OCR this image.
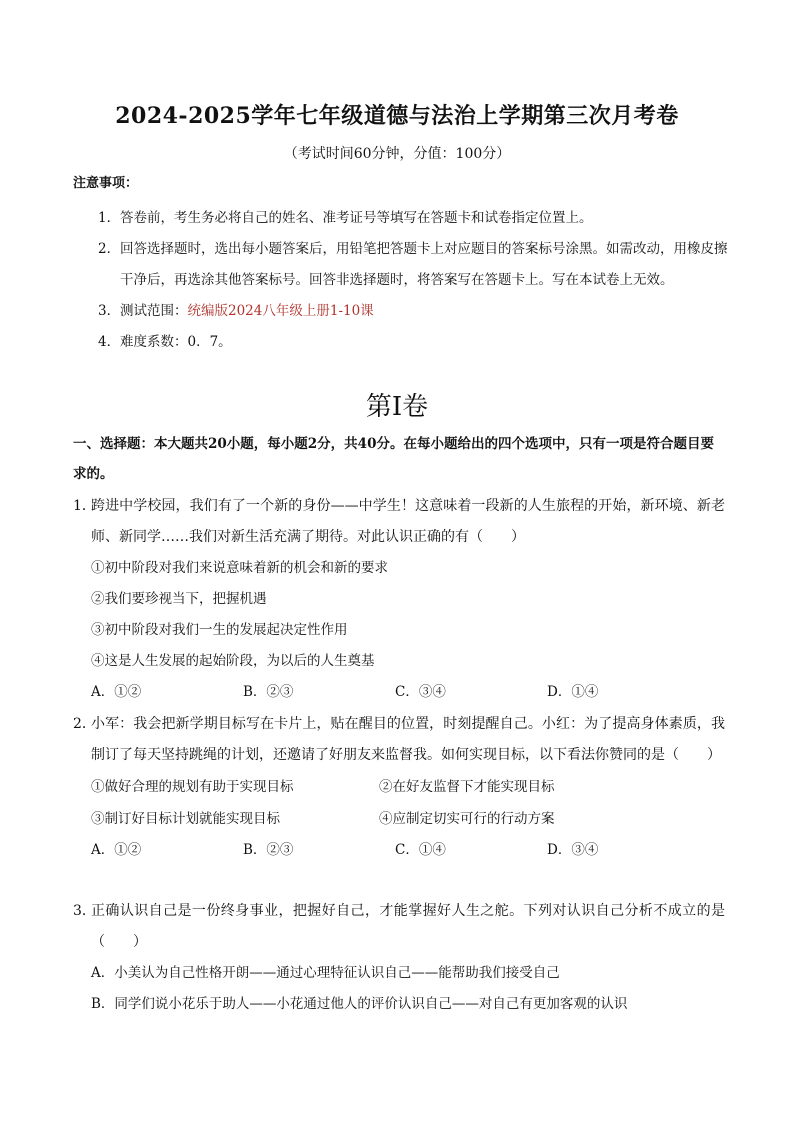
2024-2025学年七年级道德与法治上学期第三次月考卷
（考试时间60分钟，分值：100分）
注意事项：
1． 答卷前，考生务必将自己的姓名、准考证号等填写在答题卡和试卷指定位置上。
2． 回答选择题时，选出每小题答案后，用铅笔把答题卡上对应题目的答案标号涂黑。如需改动，用橡皮擦干净后，再选涂其他答案标号。回答非选择题时，将答案写在答题卡上。写在本试卷上无效。
3． 测试范围：统编版2024八年级上册1-10课
4． 难度系数：0．7。
第Ⅰ卷
一、选择题：本大题共20小题，每小题2分，共40分。在每小题给出的四个选项中，只有一项是符合题目要求的。
1．
跨进中学校园，我们有了一个新的身份——中学生！这意味着一段新的人生旅程的开始，新环境、新老师、新同学……我们对新生活充满了期待。对此认识正确的有（　　）
①初中阶段对我们来说意味着新的机会和新的要求
②我们要珍视当下，把握机遇
③初中阶段对我们一生的发展起决定性作用
④这是人生发展的起始阶段，为以后的人生奠基
A．①②	B．②③	C．③④	D．①④
2．
小军：我会把新学期目标写在卡片上，贴在醒目的位置，时刻提醒自己。小红：为了提高身体素质，我制订了每天坚持跳绳的计划，还邀请了好朋友来监督我。如何实现目标，以下看法你赞同的是（　　）
①做好合理的规划有助于实现目标	②在好友监督下才能实现目标
③制订好目标计划就能实现目标	④应制定切实可行的行动方案
A．①②	B．②③	C．①④	D．③④
3．
正确认识自己是一份终身事业，把握好自己，才能掌握好人生之舵。下列对认识自己分析不成立的是（　　）
A．小美认为自己性格开朗——通过心理特征认识自己——能帮助我们接受自己
B．同学们说小花乐于助人——小花通过他人的评价认识自己——对自己有更加客观的认识
